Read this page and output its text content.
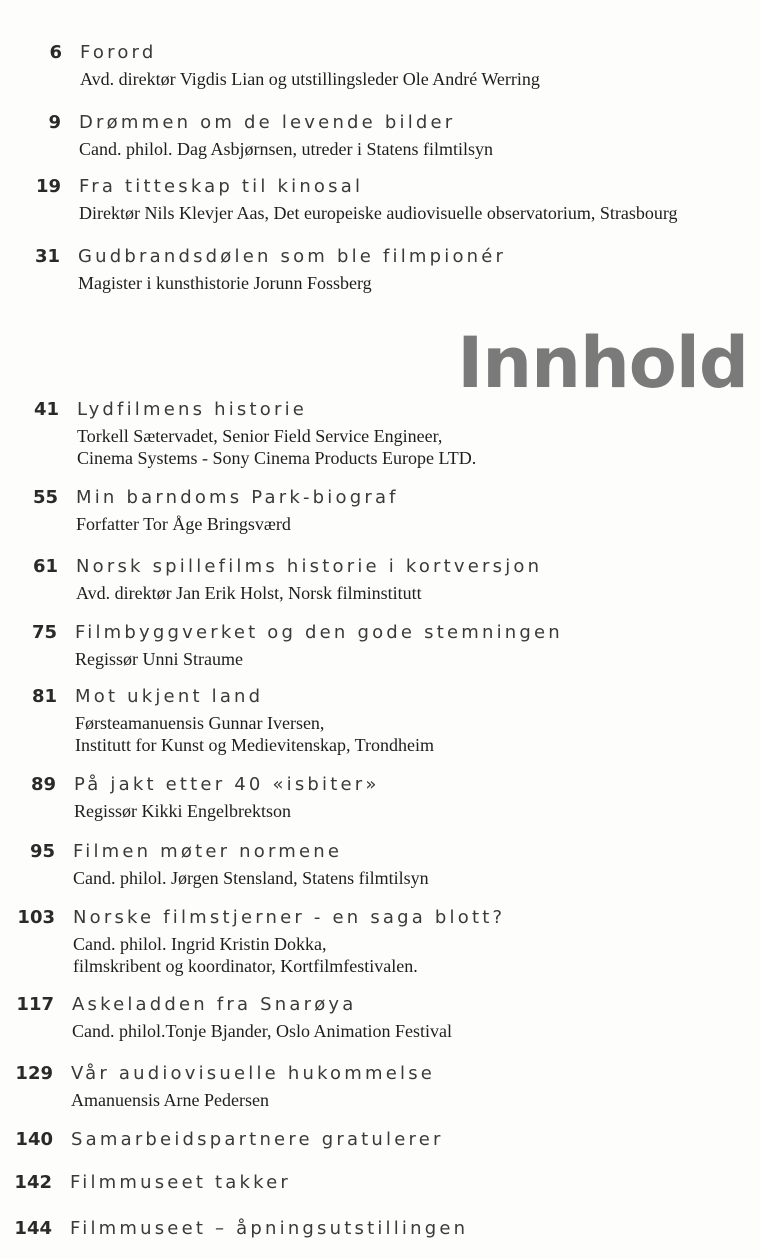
Innhold
6 Forord
Avd. direktør Vigdis Lian og utstillingsleder Ole André Werring
9 Drømmen om de levende bilder
Cand. philol. Dag Asbjørnsen, utreder i Statens filmtilsyn
19 Fra titteskap til kinosal
Direktør Nils Klevjer Aas, Det europeiske audiovisuelle observatorium, Strasbourg
31 Gudbrandsdølen som ble filmpionér
Magister i kunsthistorie Jorunn Fossberg
41 Lydfilmens historie
Torkell Sætervadet, Senior Field Service Engineer,
Cinema Systems - Sony Cinema Products Europe LTD.
55 Min barndoms Park-biograf
Forfatter Tor Åge Bringsværd
61 Norsk spillefilms historie i kortversjon
Avd. direktør Jan Erik Holst, Norsk filminstitutt
75 Filmbyggverket og den gode stemningen
Regissør Unni Straume
81 Mot ukjent land
Førsteamanuensis Gunnar Iversen,
Institutt for Kunst og Medievitenskap, Trondheim
89 På jakt etter 40 «isbiter»
Regissør Kikki Engelbrektson
95 Filmen møter normene
Cand. philol. Jørgen Stensland, Statens filmtilsyn
103 Norske filmstjerner - en saga blott?
Cand. philol. Ingrid Kristin Dokka,
filmskribent og koordinator, Kortfilmfestivalen.
117 Askeladden fra Snarøya
Cand. philol.Tonje Bjander, Oslo Animation Festival
129 Vår audiovisuelle hukommelse
Amanuensis Arne Pedersen
140 Samarbeidspartnere gratulerer
142 Filmmuseet takker
144 Filmmuseet – åpningsutstillingen
